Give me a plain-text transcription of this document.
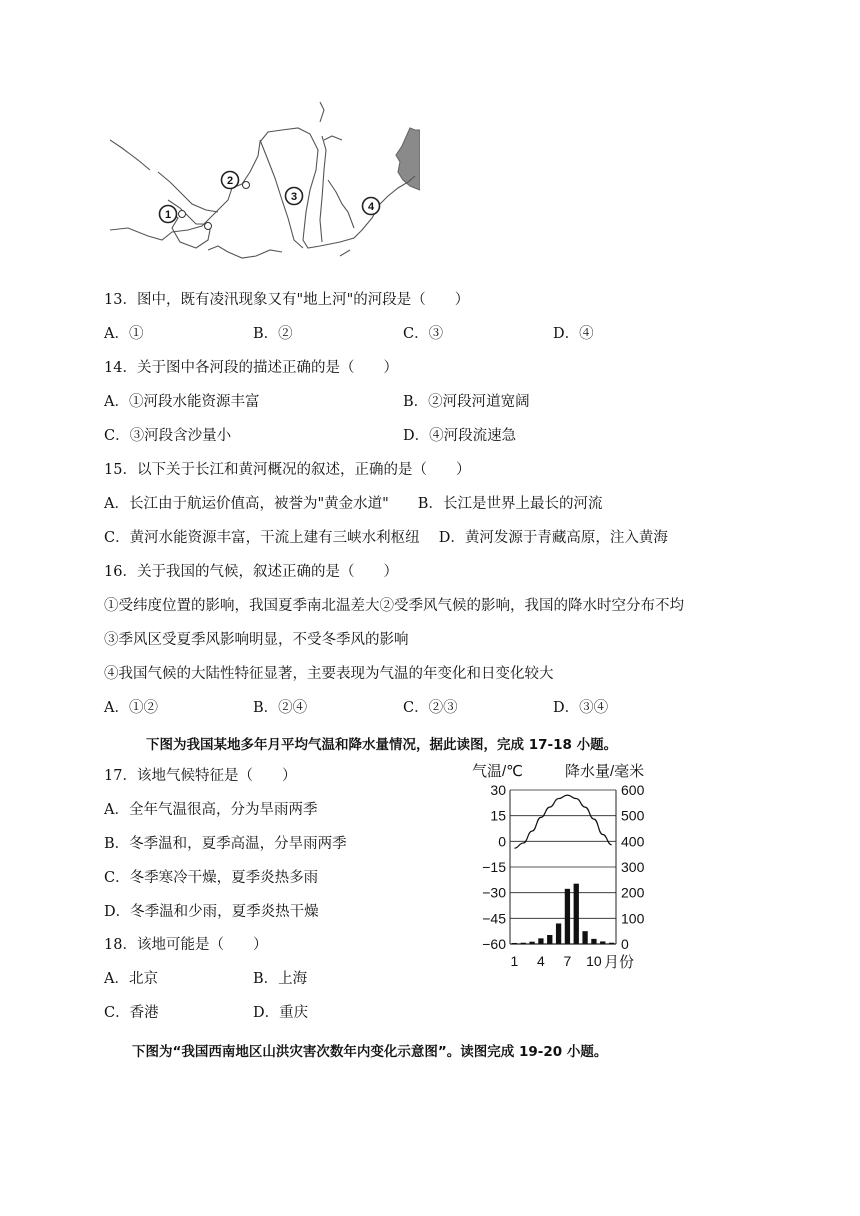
1
2
3
4
13．图中，既有凌汛现象又有"地上河"的河段是（　　）
A．①	B．②	C．③	D．④
14．关于图中各河段的描述正确的是（　　）
A．①河段水能资源丰富	B．②河段河道宽阔
C．③河段含沙量小	D．④河段流速急
15．以下关于长江和黄河概况的叙述，正确的是（　　）
A．长江由于航运价值高，被誉为"黄金水道"　　B．长江是世界上最长的河流
C．黄河水能资源丰富，干流上建有三峡水利枢纽　 D．黄河发源于青藏高原，注入黄海
16．关于我国的气候，叙述正确的是（　　）
①受纬度位置的影响，我国夏季南北温差大②受季风气候的影响，我国的降水时空分布不均
③季风区受夏季风影响明显，不受冬季风的影响
④我国气候的大陆性特征显著，主要表现为气温的年变化和日变化较大
A．①②	B．②④	C．②③	D．③④
下图为我国某地多年月平均气温和降水量情况，据此读图，完成 17-18 小题。
17．该地气候特征是（　　）
A．全年气温很高，分为旱雨两季
B．冬季温和，夏季高温，分旱雨两季
C．冬季寒冷干燥，夏季炎热多雨
D．冬季温和少雨，夏季炎热干燥
18．该地可能是（　　）
A．北京	B．上海
C．香港	D．重庆
下图为“我国西南地区山洪灾害次数年内变化示意图”。读图完成 19-20 小题。
气温/℃	降水量/毫米
30
15
0
−15
−30
−45
−60
600
500
400
300
200
100
0
1 4 7 10 月份
